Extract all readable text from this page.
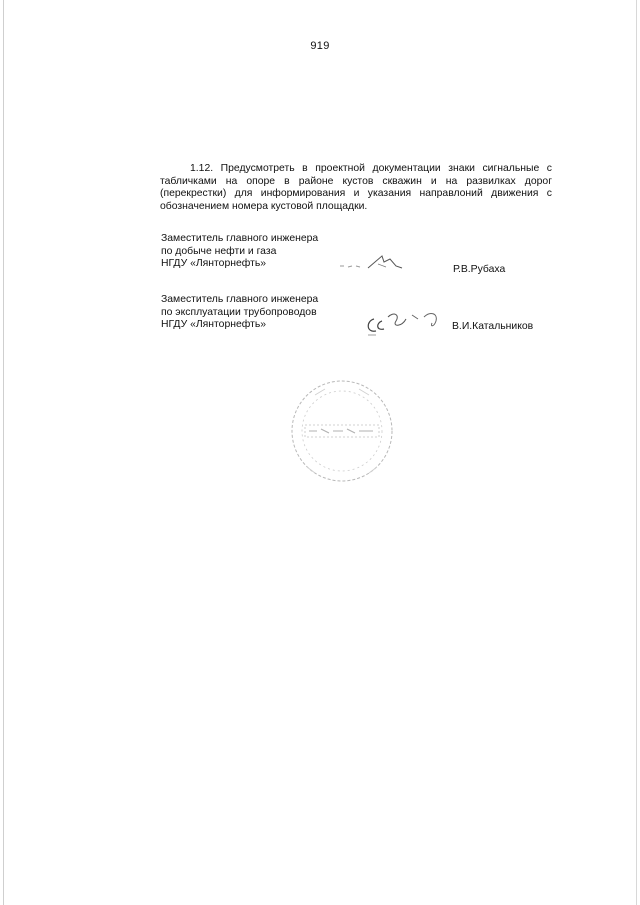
919
1.12. Предусмотреть в проектной документации знаки сигнальные с табличками на опоре в районе кустов скважин и на развилках дорог (перекрестки) для информирования и указания направлоний движения с обозначением номера кустовой площадки.
Заместитель главного инженера
по добыче нефти и газа
НГДУ «Лянторнефть»
Р.В.Рубаха
Заместитель главного инженера
по эксплуатации трубопроводов
НГДУ «Лянторнефть»	В.И.Катальников
